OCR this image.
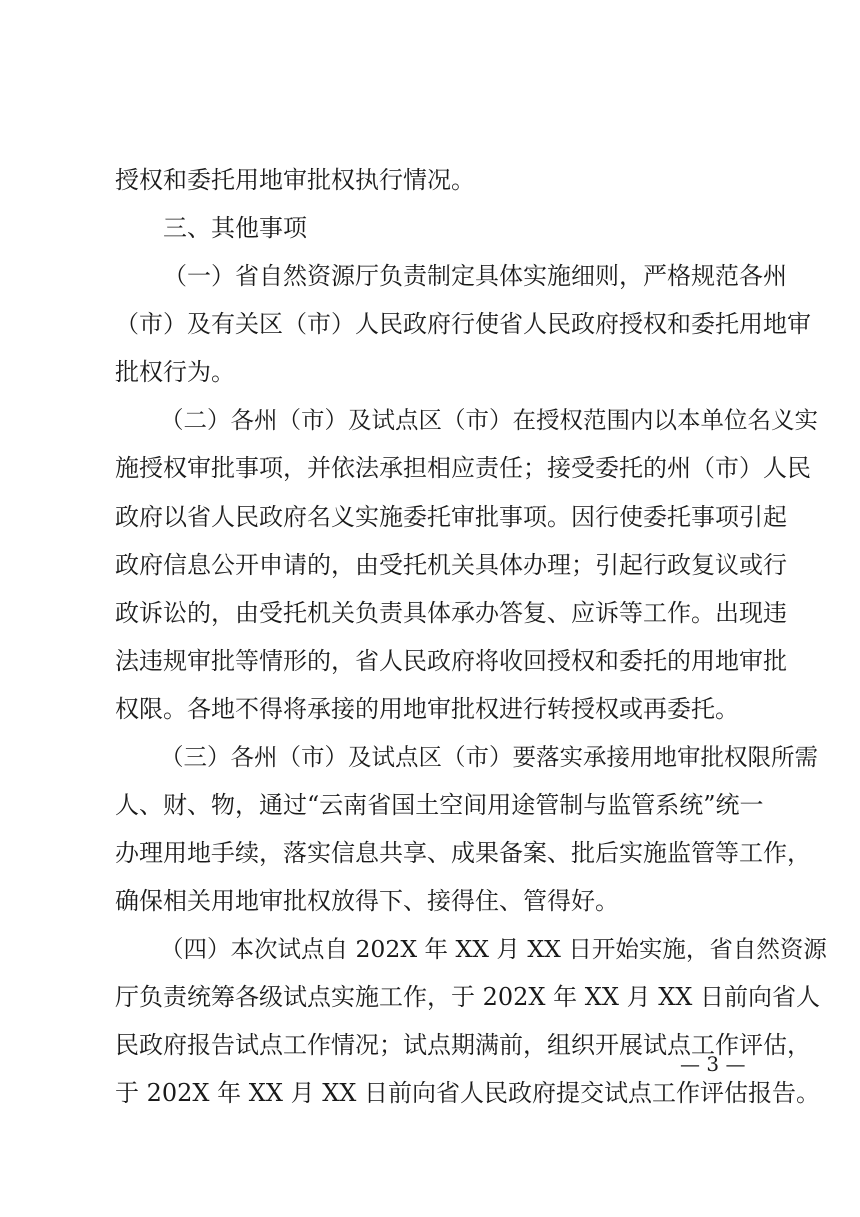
授权和委托用地审批权执行情况。
三、其他事项
（一）省自然资源厅负责制定具体实施细则，严格规范各州
（市）及有关区（市）人民政府行使省人民政府授权和委托用地审
批权行为。
（二）各州（市）及试点区（市）在授权范围内以本单位名义实
施授权审批事项，并依法承担相应责任；接受委托的州（市）人民
政府以省人民政府名义实施委托审批事项。因行使委托事项引起
政府信息公开申请的，由受托机关具体办理；引起行政复议或行
政诉讼的，由受托机关负责具体承办答复、应诉等工作。出现违
法违规审批等情形的，省人民政府将收回授权和委托的用地审批
权限。各地不得将承接的用地审批权进行转授权或再委托。
（三）各州（市）及试点区（市）要落实承接用地审批权限所需
人、财、物，通过“云南省国土空间用途管制与监管系统”统一
办理用地手续，落实信息共享、成果备案、批后实施监管等工作，
确保相关用地审批权放得下、接得住、管得好。
（四）本次试点自 202X 年 XX 月 XX 日开始实施，省自然资源
厅负责统筹各级试点实施工作，于 202X 年 XX 月 XX 日前向省人
民政府报告试点工作情况；试点期满前，组织开展试点工作评估，
于 202X 年 XX 月 XX 日前向省人民政府提交试点工作评估报告。
— 3 —
